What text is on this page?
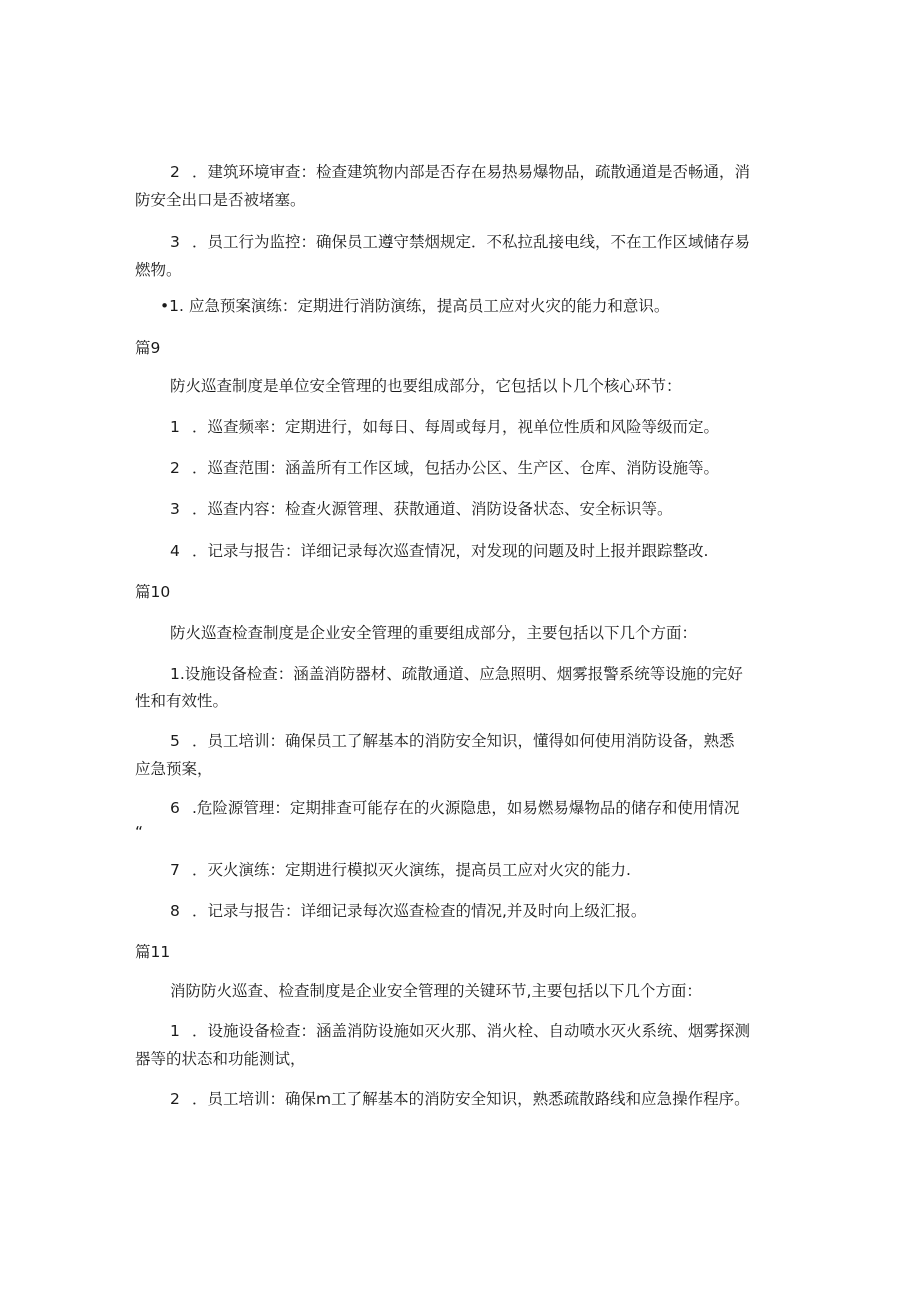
2 ．建筑环境审查：检查建筑物内部是否存在易热易爆物品，疏散通道是否畅通，消

防安全出口是否被堵塞。

3 ．员工行为监控：确保员工遵守禁烟规定．不私拉乱接电线，不在工作区域储存易

燃物。

•1. 应急预案演练：定期进行消防演练，提高员工应对火灾的能力和意识。

篇9

防火巡查制度是单位安全管理的也要组成部分，它包括以卜几个核心环节：

1 ．巡查频率：定期进行，如每日、每周或每月，视单位性质和风险等级而定。

2 ．巡查范围：涵盖所有工作区域，包括办公区、生产区、仓库、消防设施等。

3 ．巡查内容：检查火源管理、获散通道、消防设备状态、安全标识等。

4 ．记录与报告：详细记录每次巡查情况，对发现的问题及时上报并跟踪整改.

篇10

防火巡查检查制度是企业安全管理的重要组成部分，主要包括以下几个方面：

1.设施设备检查：涵盖消防器材、疏散通道、应急照明、烟雾报警系统等设施的完好

性和有效性。

5 ．员工培训：确保员工了解基本的消防安全知识，懂得如何使用消防设备，熟悉

应急预案，

6 .危险源管理：定期排查可能存在的火源隐患，如易燃易爆物品的储存和使用情况

“

7 ．灭火演练：定期进行模拟灭火演练，提高员工应对火灾的能力.

8 ．记录与报告：详细记录每次巡查检查的情况,并及时向上级汇报。

篇11

消防防火巡查、检查制度是企业安全管理的关键环节,主要包括以下几个方面：

1 ．设施设备检查：涵盖消防设施如灭火那、消火栓、自动喷水灭火系统、烟雾探测

器等的状态和功能测试，

2 ．员工培训：确保m工了解基本的消防安全知识，熟悉疏散路线和应急操作程序。
